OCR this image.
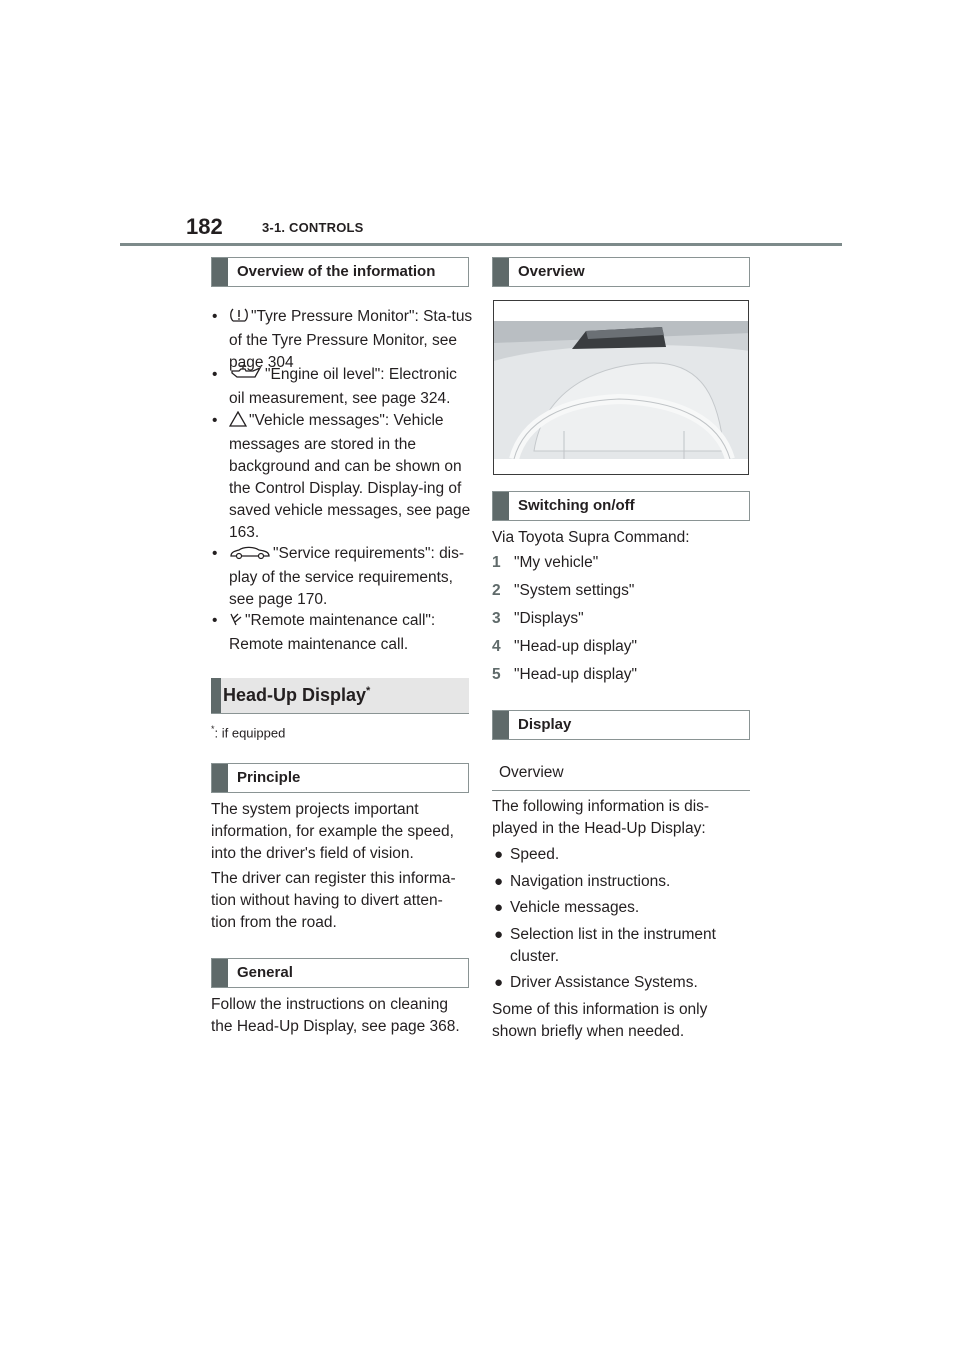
182	3-1. CONTROLS
Overview of the information
•	"Tyre Pressure Monitor": Sta-tus of the Tyre Pressure Monitor, see page 304
•	"Engine oil level": Electronic oil measurement, see page 324.
•	"Vehicle messages": Vehicle messages are stored in the background and can be shown on the Control Display. Display-ing of saved vehicle messages, see page 163.
•	"Service requirements": dis-play of the service requirements, see page 170.
•	"Remote maintenance call": Remote maintenance call.
Head-Up Display*
*: if equipped
Principle
The system projects important information, for example the speed, into the driver's field of vision.
The driver can register this informa-tion without having to divert atten-tion from the road.
General
Follow the instructions on cleaning the Head-Up Display, see page 368.
Overview
Switching on/off
Via Toyota Supra Command:
1 "My vehicle"
2 "System settings"
3 "Displays"
4 "Head-up display"
5 "Head-up display"
Display
Overview
The following information is dis-played in the Head-Up Display:
● Speed.
● Navigation instructions.
● Vehicle messages.
● Selection list in the instrument cluster.
● Driver Assistance Systems.
Some of this information is only shown briefly when needed.
